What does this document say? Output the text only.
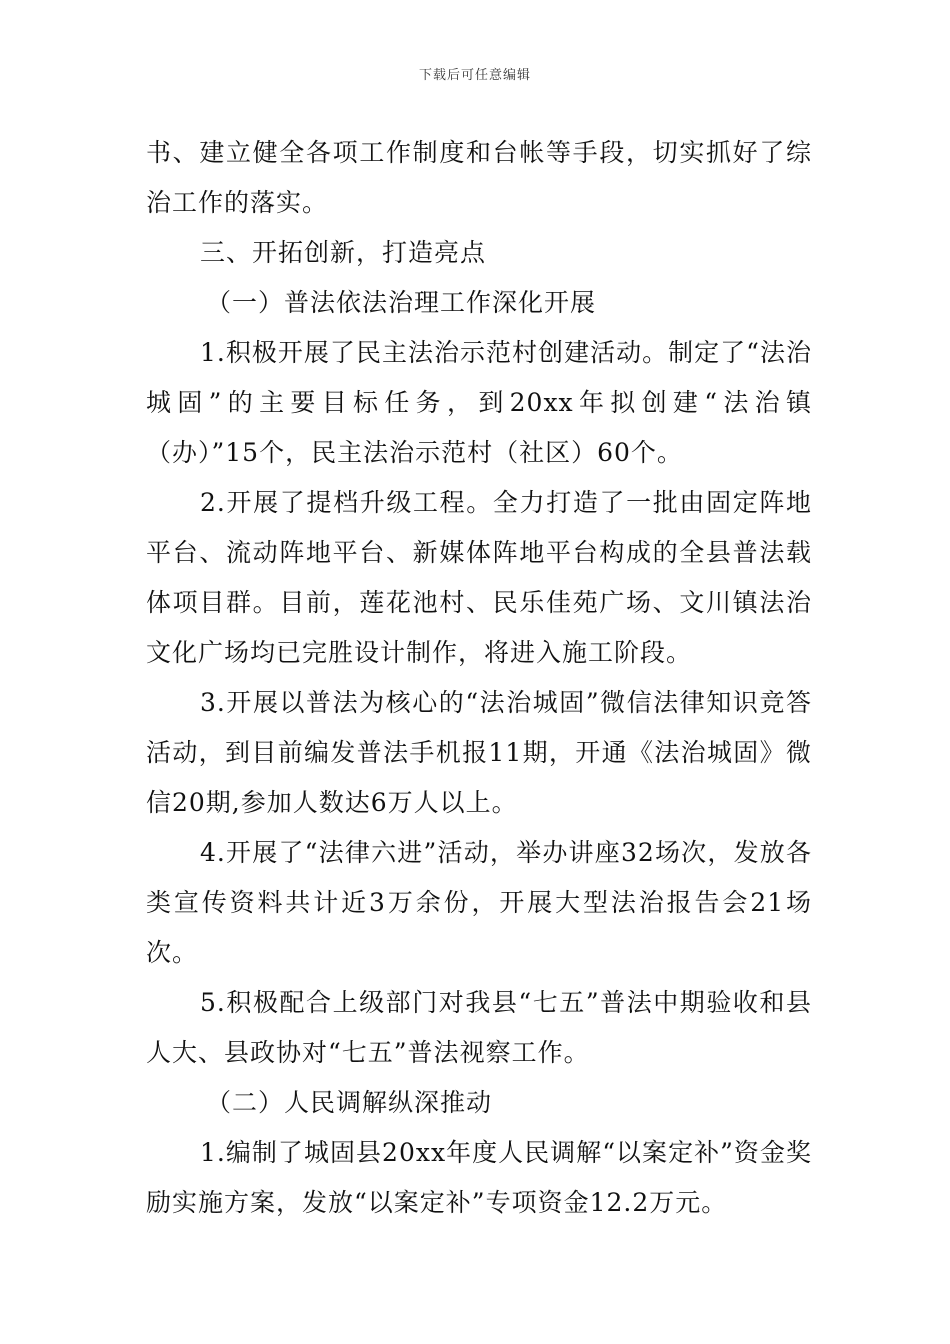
下载后可任意编辑

书、建立健全各项工作制度和台帐等手段，切实抓好了综治工作的落实。

三、开拓创新，打造亮点

（一）普法依法治理工作深化开展

1.积极开展了民主法治示范村创建活动。制定了“法治城固”的主要目标任务，到20xx年拟创建“法治镇（办）”15个，民主法治示范村（社区）60个。

2.开展了提档升级工程。全力打造了一批由固定阵地平台、流动阵地平台、新媒体阵地平台构成的全县普法载体项目群。目前，莲花池村、民乐佳苑广场、文川镇法治文化广场均已完胜设计制作，将进入施工阶段。

3.开展以普法为核心的“法治城固”微信法律知识竞答活动，到目前编发普法手机报11期，开通《法治城固》微信20期,参加人数达6万人以上。

4.开展了“法律六进”活动，举办讲座32场次，发放各类宣传资料共计近3万余份，开展大型法治报告会21场次。

5.积极配合上级部门对我县“七五”普法中期验收和县人大、县政协对“七五”普法视察工作。

（二）人民调解纵深推动

1.编制了城固县20xx年度人民调解“以案定补”资金奖励实施方案，发放“以案定补”专项资金12.2万元。
